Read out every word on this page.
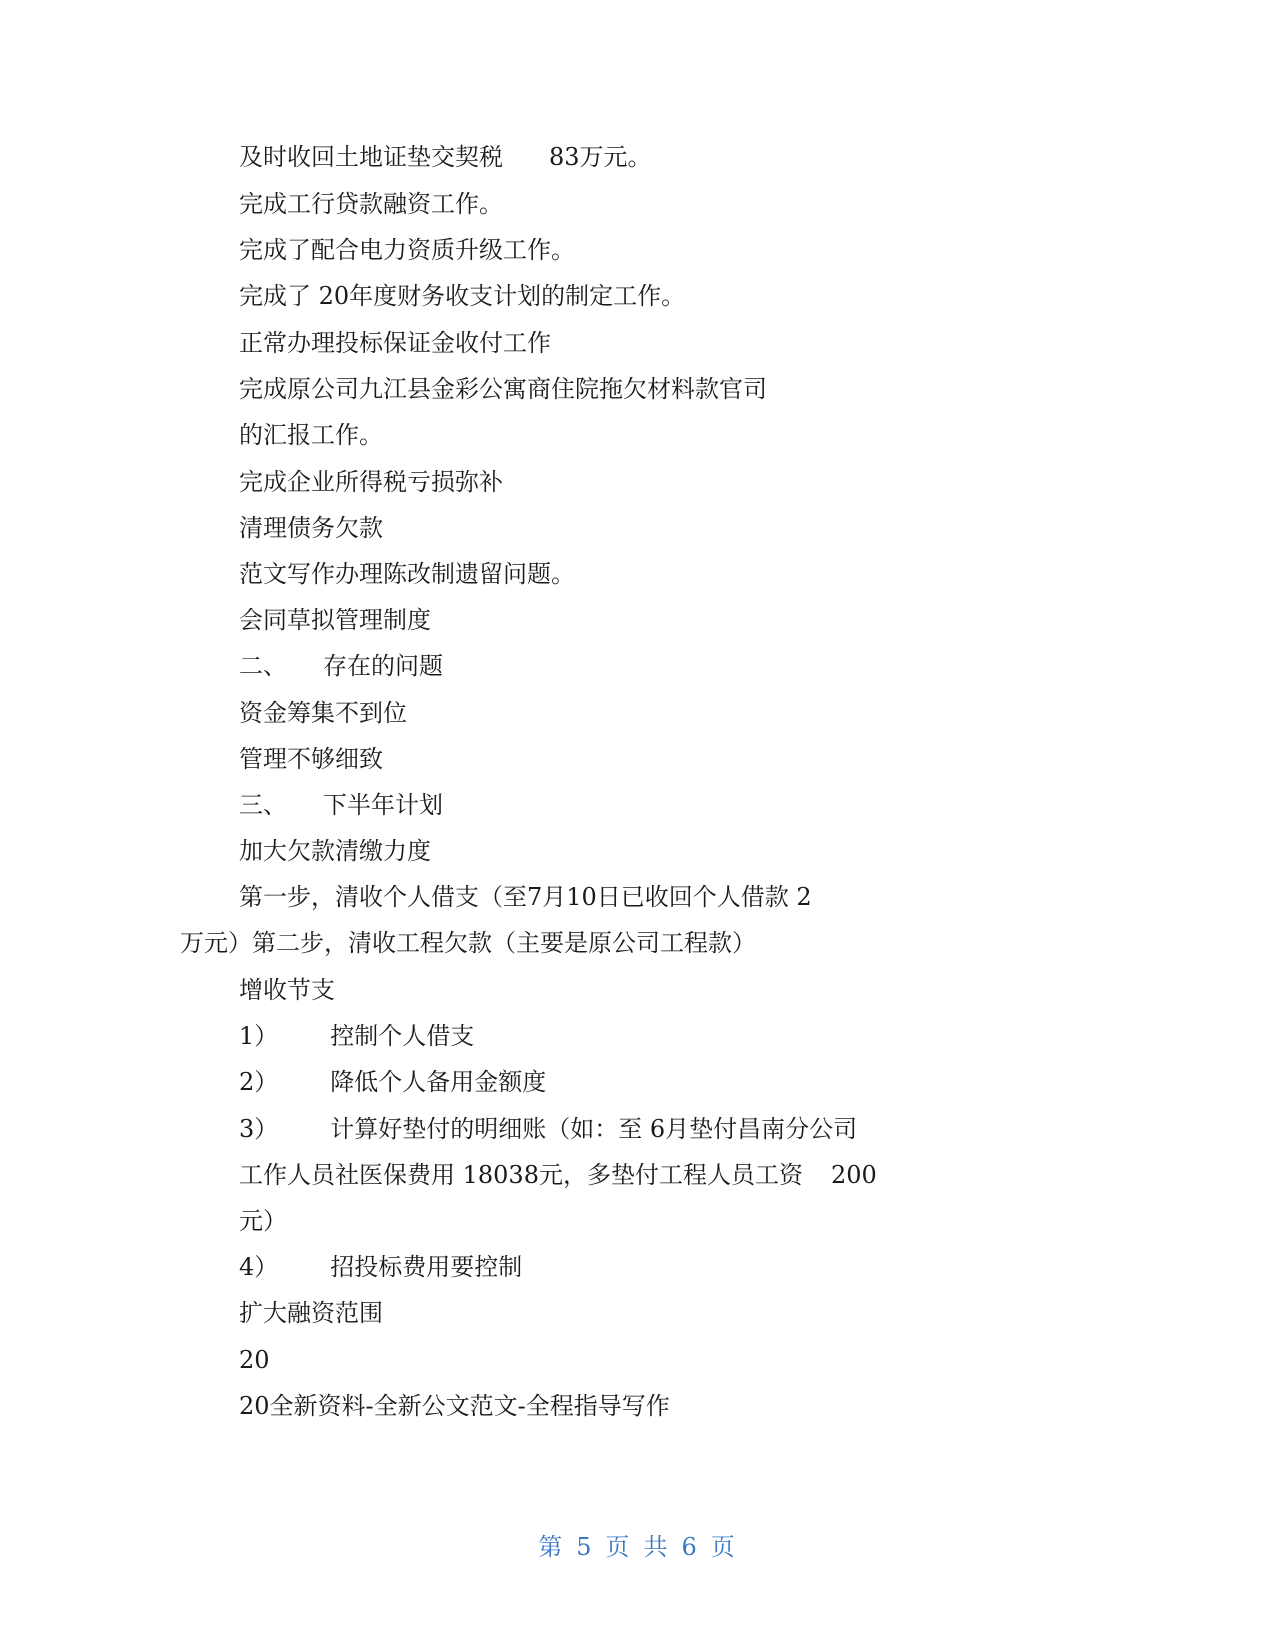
及时收回土地证垫交契税 83万元。
完成工行贷款融资工作。
完成了配合电力资质升级工作。
完成了 20年度财务收支计划的制定工作。
正常办理投标保证金收付工作
完成原公司九江县金彩公寓商住院拖欠材料款官司
的汇报工作。
完成企业所得税亏损弥补
清理债务欠款
范文写作办理陈改制遗留问题。
会同草拟管理制度
二、 存在的问题
资金筹集不到位
管理不够细致
三、 下半年计划
加大欠款清缴力度
第一步，清收个人借支（至7月10日已收回个人借款 2
万元）第二步，清收工程欠款（主要是原公司工程款）
增收节支
1） 控制个人借支
2） 降低个人备用金额度
3） 计算好垫付的明细账（如：至 6月垫付昌南分公司
工作人员社医保费用 18038元，多垫付工程人员工资 200
元）
4） 招投标费用要控制
扩大融资范围
20
20全新资料-全新公文范文-全程指导写作
第 5 页 共 6 页
